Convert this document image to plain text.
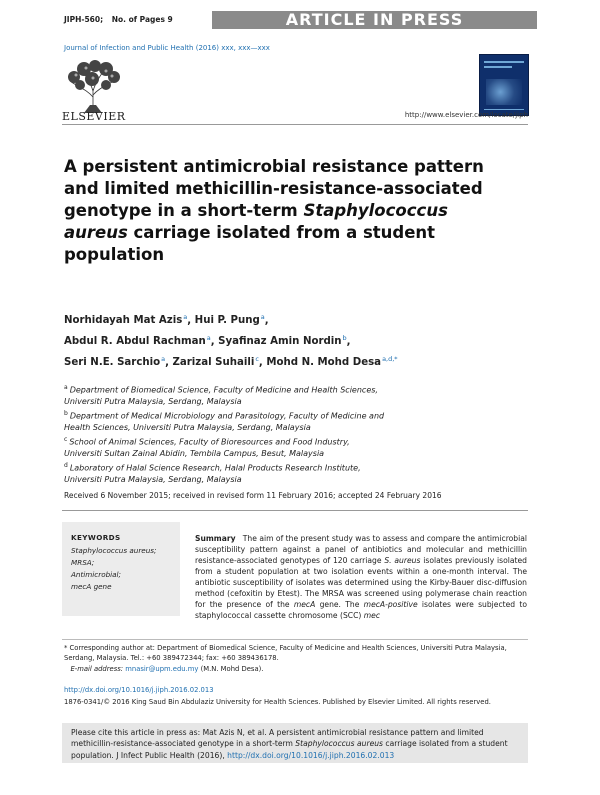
JIPH-560; No. of Pages 9	ARTICLE IN PRESS
Journal of Infection and Public Health (2016) xxx, xxx—xxx
ELSEVIER	http://www.elsevier.com/locate/jiph
A persistent antimicrobial resistance pattern and limited methicillin-resistance-associated genotype in a short-term Staphylococcus aureus carriage isolated from a student population
Norhidayah Mat Azis$^a$, Hui P. Pung$^a$,
Abdul R. Abdul Rachman$^a$, Syafinaz Amin Nordin$^b$,
Seri N.E. Sarchio$^a$, Zarizal Suhaili$^c$, Mohd N. Mohd Desa$^{a,d,*}$
$^a$ Department of Biomedical Science, Faculty of Medicine and Health Sciences,
Universiti Putra Malaysia, Serdang, Malaysia
$^b$ Department of Medical Microbiology and Parasitology, Faculty of Medicine and
Health Sciences, Universiti Putra Malaysia, Serdang, Malaysia
$^c$ School of Animal Sciences, Faculty of Bioresources and Food Industry,
Universiti Sultan Zainal Abidin, Tembila Campus, Besut, Malaysia
$^d$ Laboratory of Halal Science Research, Halal Products Research Institute,
Universiti Putra Malaysia, Serdang, Malaysia
Received 6 November 2015; received in revised form 11 February 2016; accepted 24 February 2016
KEYWORDS
Staphylococcus aureus;
MRSA;
Antimicrobial;
mecA gene
Summary The aim of the present study was to assess and compare the antimicrobial susceptibility pattern against a panel of antibiotics and molecular and methicillin resistance-associated genotypes of 120 carriage S. aureus isolates previously isolated from a student population at two isolation events within a one-month interval. The antibiotic susceptibility of isolates was determined using the Kirby-Bauer disc-diffusion method (cefoxitin by Etest). The MRSA was screened using polymerase chain reaction for the presence of the mecA gene. The mecA-positive isolates were subjected to staphylococcal cassette chromosome (SCC) mec
* Corresponding author at: Department of Biomedical Science, Faculty of Medicine and Health Sciences, Universiti Putra Malaysia, Serdang, Malaysia. Tel.: +60 389472344; fax: +60 389436178.
E-mail address: mnasir@upm.edu.my (M.N. Mohd Desa).
http://dx.doi.org/10.1016/j.jiph.2016.02.013
1876-0341/© 2016 King Saud Bin Abdulaziz University for Health Sciences. Published by Elsevier Limited. All rights reserved.
Please cite this article in press as: Mat Azis N, et al. A persistent antimicrobial resistance pattern and limited methicillin-resistance-associated genotype in a short-term Staphylococcus aureus carriage isolated from a student population. J Infect Public Health (2016), http://dx.doi.org/10.1016/j.jiph.2016.02.013
